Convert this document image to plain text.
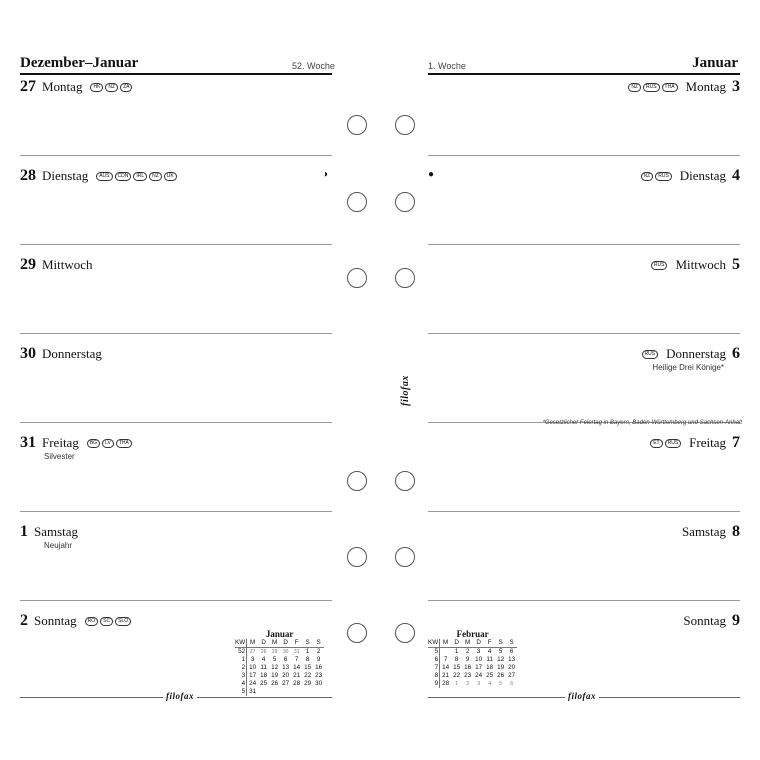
Dezember–Januar	52. Woche	1. Woche	Januar
27 Montag	HK	NZ	ZA
28 Dienstag	AUS	CDN	IRL	NZ	UK	◑
29 Mittwoch
30 Donnerstag
31 Freitag	BG	LV	THA
Silvester
1 Samstag
Neujahr
2 Sonntag	RO	SC	SLO
3
Montag
NZ	RUS	THA
4
Dienstag
NZ	RUS
●
5
Mittwoch
RUS
6
Donnerstag
RUS
Heilige Drei Könige*
7
Freitag
ET	RUS
8
Samstag
9
Sonntag
*Gesetzlicher Feiertag in Bayern, Baden-Württemberg und Sachsen-Anhalt
filofax
Januar
KW	M	D	M	D	F	S	S
52	27	28	29	30	31	1	2
1	3	4	5	6	7	8	9
2	10	11	12	13	14	15	16
3	17	18	19	20	21	22	23
4	24	25	26	27	28	29	30
5	31						
Februar
KW	M	D	M	D	F	S	S
5		1	2	3	4	5	6
6	7	8	9	10	11	12	13
7	14	15	16	17	18	19	20
8	21	22	23	24	25	26	27
9	28	1	2	3	4	5	6
filofax	filofax
